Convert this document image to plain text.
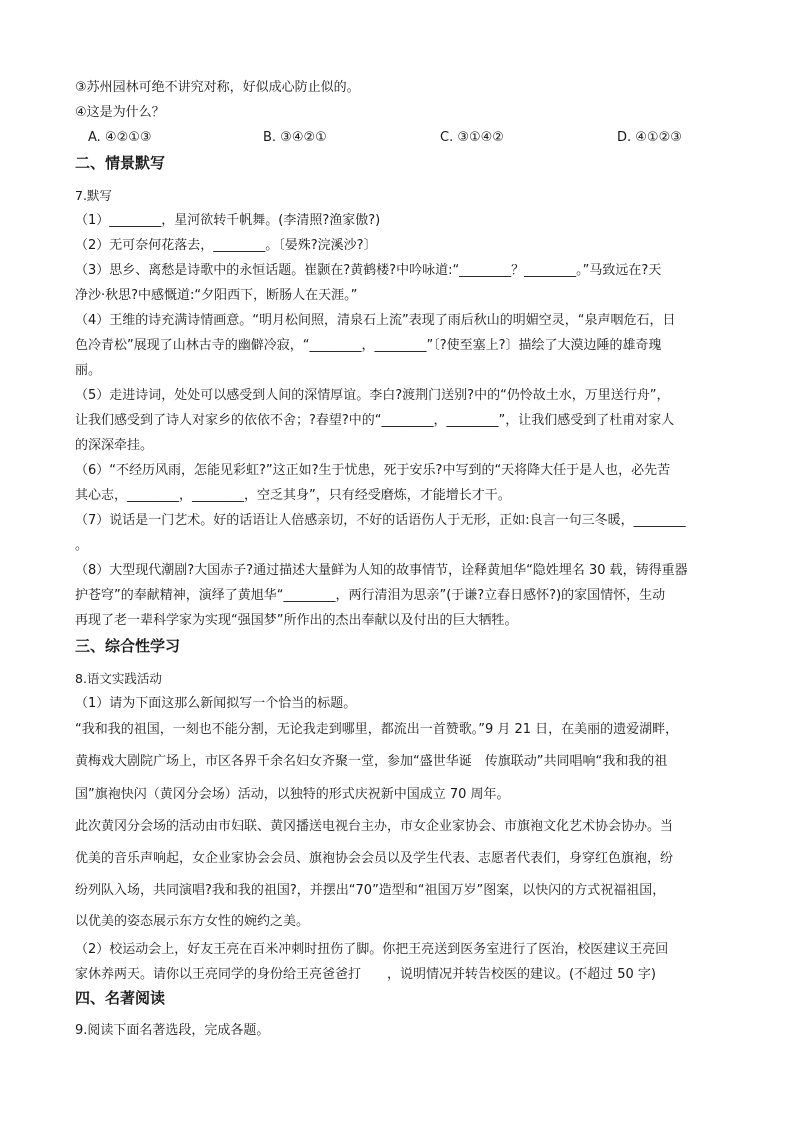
③苏州园林可绝不讲究对称，好似成心防止似的。
④这是为什么？
A. ④②①③	B. ③④②①	C. ③①④②	D. ④①②③
二、情景默写
7.默写
（1）________，星河欲转千帆舞。(李清照?渔家傲?)
（2）无可奈何花落去，________。〔晏殊?浣溪沙?〕
（3）思乡、离愁是诗歌中的永恒话题。崔颢在?黄鹤楼?中吟咏道:“________？________。”马致远在?天
净沙·秋思?中感慨道:“夕阳西下，断肠人在天涯。”
（4）王维的诗充满诗情画意。“明月松间照，清泉石上流”表现了雨后秋山的明媚空灵，“泉声咽危石，日
色冷青松”展现了山林古寺的幽僻冷寂，“________，________”〔?使至塞上?〕描绘了大漠边陲的雄奇瑰
丽。
（5）走进诗词，处处可以感受到人间的深情厚谊。李白?渡荆门送别?中的“仍怜故土水，万里送行舟”，
让我们感受到了诗人对家乡的依依不舍；?春望?中的“________，________”，让我们感受到了杜甫对家人
的深深牵挂。
（6）“不经历风雨，怎能见彩虹?”这正如?生于忧患，死于安乐?中写到的“天将降大任于是人也，必先苦
其心志，________，________，空乏其身”，只有经受磨炼，才能增长才干。
（7）说话是一门艺术。好的话语让人倍感亲切，不好的话语伤人于无形，正如:良言一句三冬暖，________
。
（8）大型现代潮剧?大国赤子?通过描述大量鲜为人知的故事情节，诠释黄旭华“隐姓埋名 30 载，铸得重器
护苍穹”的奉献精神，演绎了黄旭华“________，两行清泪为思亲”(于谦?立春日感怀?)的家国情怀，生动
再现了老一辈科学家为实现“强国梦”所作出的杰出奉献以及付出的巨大牺牲。
三、综合性学习
8.语文实践活动
（1）请为下面这那么新闻拟写一个恰当的标题。
“我和我的祖国，一刻也不能分割，无论我走到哪里，都流出一首赞歌。”9 月 21 日，在美丽的遗爱湖畔，
黄梅戏大剧院广场上，市区各界千余名妇女齐聚一堂，参加“盛世华诞　传旗联动”共同唱响“我和我的祖
国”旗袍快闪（黄冈分会场）活动，以独特的形式庆祝新中国成立 70 周年。
此次黄冈分会场的活动由市妇联、黄冈播送电视台主办，市女企业家协会、市旗袍文化艺术协会协办。当
优美的音乐声响起，女企业家协会会员、旗袍协会会员以及学生代表、志愿者代表们，身穿红色旗袍，纷
纷列队入场，共同演唱?我和我的祖国?，并摆出“70”造型和“祖国万岁”图案，以快闪的方式祝福祖国，
以优美的姿态展示东方女性的婉约之美。
（2）校运动会上，好友王亮在百米冲刺时扭伤了脚。你把王亮送到医务室进行了医治，校医建议王亮回
家休养两天。请你以王亮同学的身份给王亮爸爸打　　，说明情况并转告校医的建议。(不超过 50 字)
四、名著阅读
9.阅读下面名著选段，完成各题。
